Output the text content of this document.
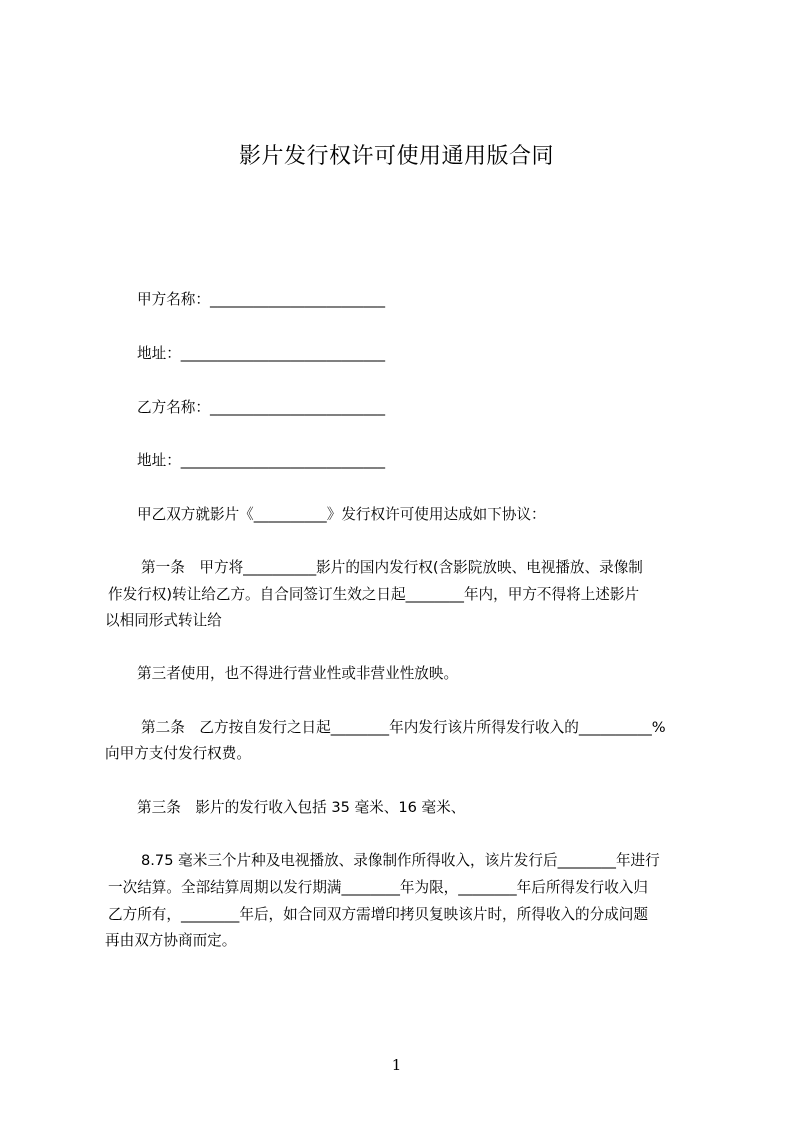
影片发行权许可使用通用版合同
甲方名称：________________________
地址：____________________________
乙方名称：________________________
地址：____________________________
甲乙双方就影片《__________》发行权许可使用达成如下协议：
第一条　甲方将__________影片的国内发行权(含影院放映、电视播放、录像制
作发行权)转让给乙方。自合同签订生效之日起________年内，甲方不得将上述影片
以相同形式转让给
第三者使用，也不得进行营业性或非营业性放映。
第二条　乙方按自发行之日起________年内发行该片所得发行收入的__________%
向甲方支付发行权费。
第三条　影片的发行收入包括 35 毫米、16 毫米、
8.75 毫米三个片种及电视播放、录像制作所得收入，该片发行后________年进行
一次结算。全部结算周期以发行期满________年为限，________年后所得发行收入归
乙方所有，________年后，如合同双方需增印拷贝复映该片时，所得收入的分成问题
再由双方协商而定。
1
